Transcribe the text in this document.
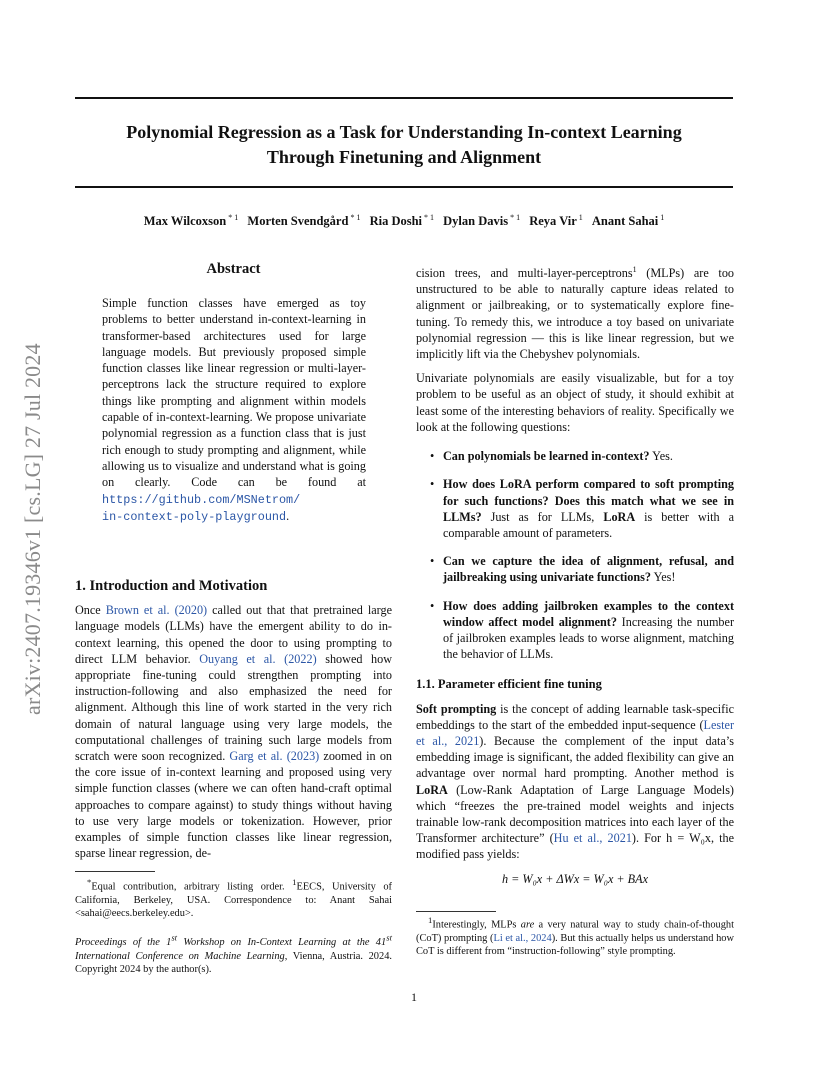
Polynomial Regression as a Task for Understanding In-context Learning
Through Finetuning and Alignment
Max Wilcoxson $^{* 1}$ Morten Svendgård $^{* 1}$ Ria Doshi $^{* 1}$ Dylan Davis $^{* 1}$ Reya Vir $^1$ Anant Sahai $^1$
arXiv:2407.19346v1 [cs.LG] 27 Jul 2024
Abstract
Simple function classes have emerged as toy problems to better understand in-context-learning in transformer-based architectures used for large language models. But previously proposed simple function classes like linear regression or multi-layer-perceptrons lack the structure required to explore things like prompting and alignment within models capable of in-context-learning. We propose univariate polynomial regression as a function class that is just rich enough to study prompting and alignment, while allowing us to visualize and understand what is going on clearly. Code can be found at https://github.com/MSNetrom/
in-context-poly-playground.
1. Introduction and Motivation

Once Brown et al. (2020) called out that that pretrained large language models (LLMs) have the emergent ability to do in-context learning, this opened the door to using prompting to direct LLM behavior. Ouyang et al. (2022) showed how appropriate fine-tuning could strengthen prompting into instruction-following and also emphasized the need for alignment. Although this line of work started in the very rich domain of natural language using very large models, the computational challenges of training such large models from scratch were soon recognized. Garg et al. (2023) zoomed in on the core issue of in-context learning and proposed using very simple function classes (where we can often hand-craft optimal approaches to compare against) to study things without having to use very large models or tokenization. However, prior examples of simple function classes like linear regression, sparse linear regression, de-

*Equal contribution, arbitrary listing order. $^1$EECS, University of California, Berkeley, USA. Correspondence to: Anant Sahai <sahai@eecs.berkeley.edu>.

Proceedings of the 1st Workshop on In-Context Learning at the 41st International Conference on Machine Learning, Vienna, Austria. 2024. Copyright 2024 by the author(s).

cision trees, and multi-layer-perceptrons$^1$ (MLPs) are too unstructured to be able to naturally capture ideas related to alignment or jailbreaking, or to systematically explore fine-tuning. To remedy this, we introduce a toy based on univariate polynomial regression — this is like linear regression, but we implicitly lift via the Chebyshev polynomials.

Univariate polynomials are easily visualizable, but for a toy problem to be useful as an object of study, it should exhibit at least some of the interesting behaviors of reality. Specifically we look at the following questions:

• Can polynomials be learned in-context? Yes.
• How does LoRA perform compared to soft prompting for such functions? Does this match what we see in LLMs? Just as for LLMs, LoRA is better with a comparable amount of parameters.
• Can we capture the idea of alignment, refusal, and jailbreaking using univariate functions? Yes!
• How does adding jailbroken examples to the context window affect model alignment? Increasing the number of jailbroken examples leads to worse alignment, matching the behavior of LLMs.
1.1. Parameter efficient fine tuning

Soft prompting is the concept of adding learnable task-specific embeddings to the start of the embedded input-sequence (Lester et al., 2021). Because the complement of the input data’s embedding image is significant, the added flexibility can give an advantage over normal hard prompting. Another method is LoRA (Low-Rank Adaptation of Large Language Models) which “freezes the pre-trained model weights and injects trainable low-rank decomposition matrices into each layer of the Transformer architecture” (Hu et al., 2021). For h = W₀x, the modified pass yields:

h = W₀x + ΔWx = W₀x + BAx

$^1$Interestingly, MLPs are a very natural way to study chain-of-thought (CoT) prompting (Li et al., 2024). But this actually helps us understand how CoT is different from “instruction-following” style prompting.

1
